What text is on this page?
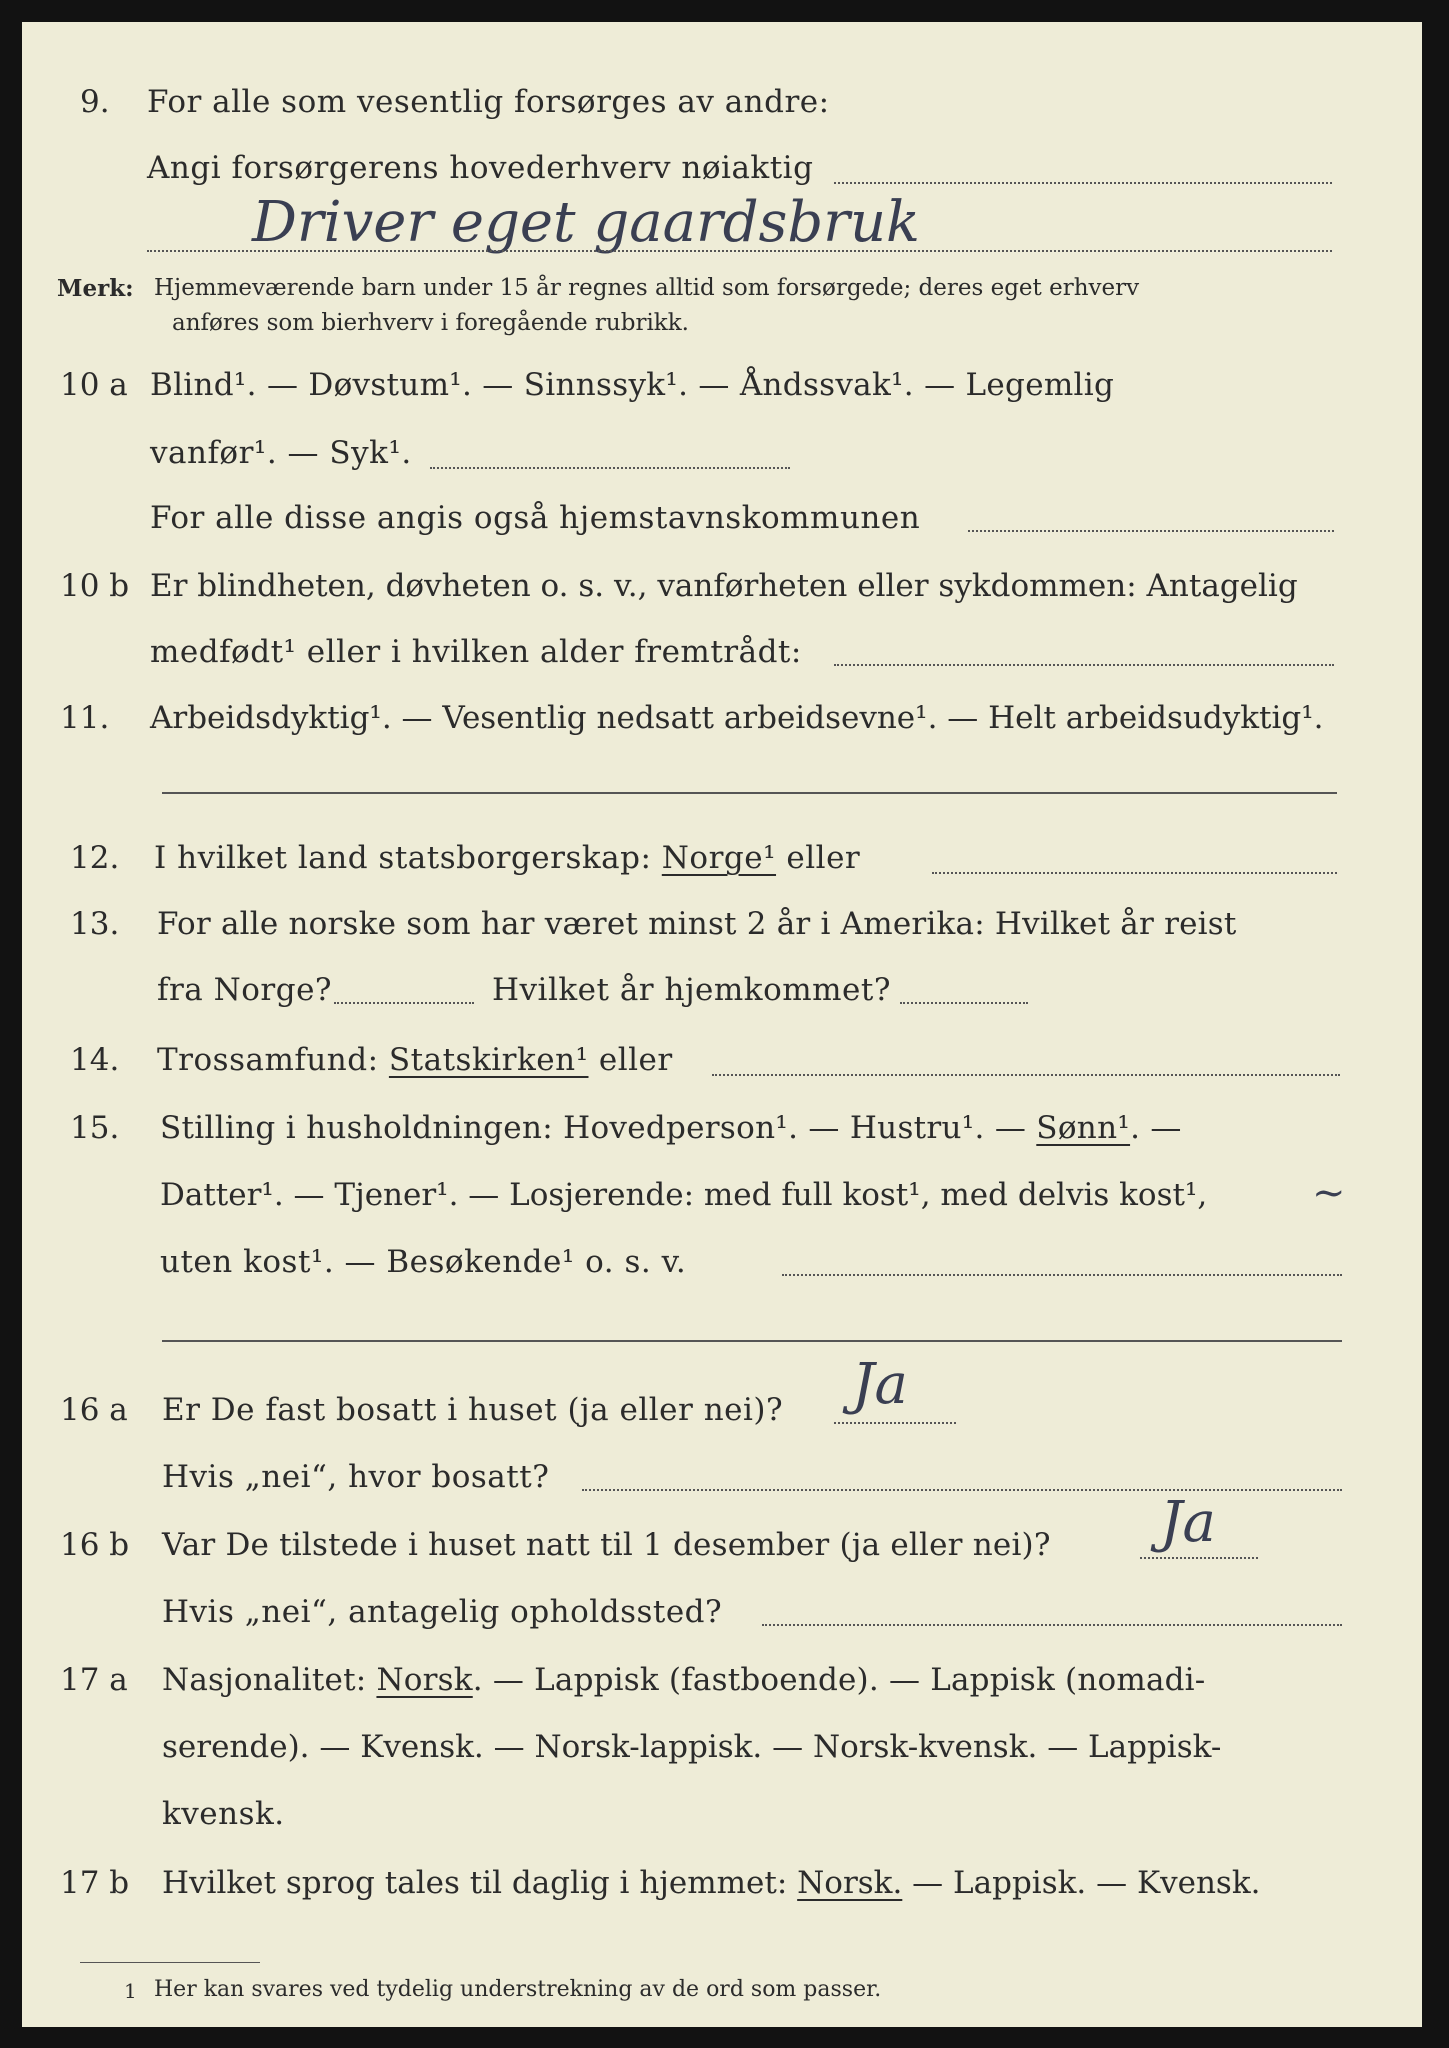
9. For alle som vesentlig forsørges av andre:
Angi forsørgerens hovederhverv nøiaktig
Driver eget gaardsbruk
Merk: Hjemmeværende barn under 15 år regnes alltid som forsørgede; deres eget erhverv
anføres som bierhverv i foregående rubrikk.
10 a Blind¹. — Døvstum¹. — Sinnssyk¹. — Åndssvak¹. — Legemlig
vanfør¹. — Syk¹.
For alle disse angis også hjemstavnskommunen
10 b Er blindheten, døvheten o. s. v., vanførheten eller sykdommen: Antagelig
medfødt¹ eller i hvilken alder fremtrådt:
11. Arbeidsdyktig¹. — Vesentlig nedsatt arbeidsevne¹. — Helt arbeidsudyktig¹.
12. I hvilket land statsborgerskap: Norge¹ eller
13. For alle norske som har været minst 2 år i Amerika: Hvilket år reist
fra Norge?	Hvilket år hjemkommet?
14. Trossamfund: Statskirken¹ eller
15. Stilling i husholdningen: Hovedperson¹. — Hustru¹. — Sønn¹. —
Datter¹. — Tjener¹. — Losjerende: med full kost¹, med delvis kost¹,	~
uten kost¹. — Besøkende¹ o. s. v.
16 a Er De fast bosatt i huset (ja eller nei)? Ja
Hvis „nei“, hvor bosatt?
16 b Var De tilstede i huset natt til 1 desember (ja eller nei)? Ja
Hvis „nei“, antagelig opholdssted?
17 a Nasjonalitet: Norsk. — Lappisk (fastboende). — Lappisk (nomadi-
serende). — Kvensk. — Norsk-lappisk. — Norsk-kvensk. — Lappisk-
kvensk.
17 b Hvilket sprog tales til daglig i hjemmet: Norsk. — Lappisk. — Kvensk.
1 Her kan svares ved tydelig understrekning av de ord som passer.
